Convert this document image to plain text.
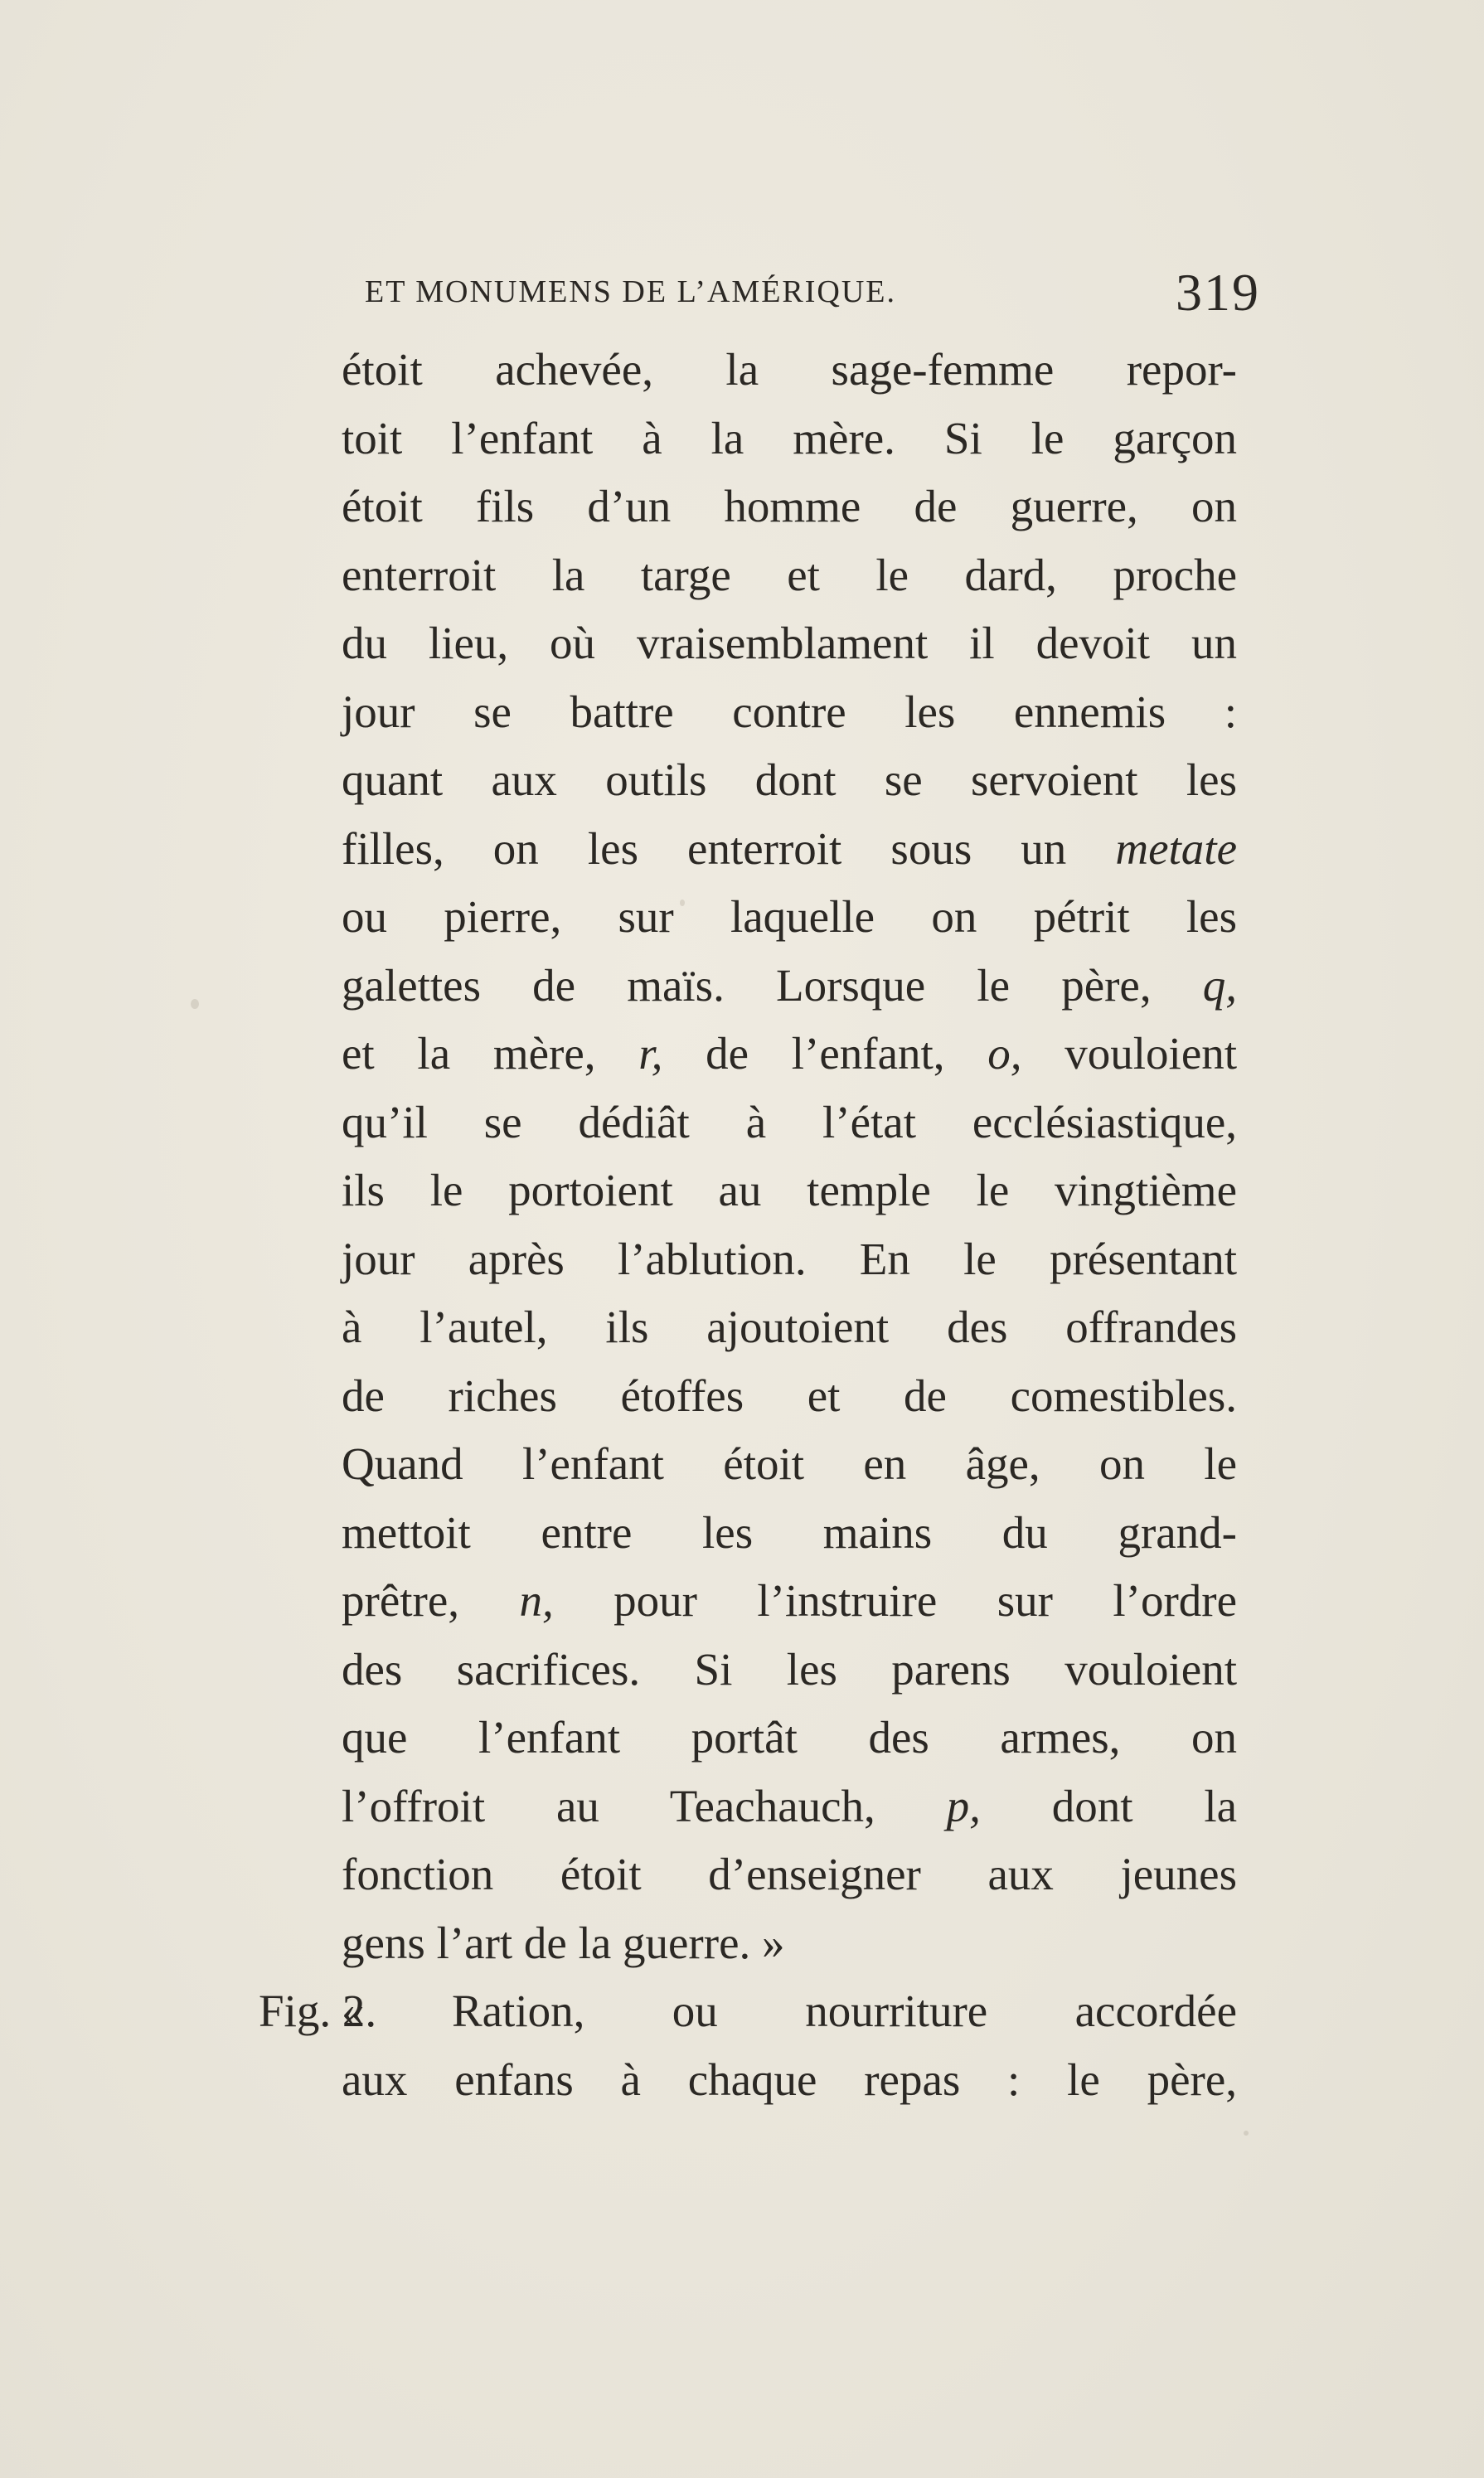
ET MONUMENS DE L’AMÉRIQUE.	319
étoit achevée, la sage-femme repor-
toit l’enfant à la mère. Si le garçon
étoit fils d’un homme de guerre, on
enterroit la targe et le dard, proche
du lieu, où vraisemblament il devoit un
jour se battre contre les ennemis :
quant aux outils dont se servoient les
filles, on les enterroit sous un metate
ou pierre, sur laquelle on pétrit les
galettes de maïs. Lorsque le père, q,
et la mère, r, de l’enfant, o, vouloient
qu’il se dédiât à l’état ecclésiastique,
ils le portoient au temple le vingtième
jour après l’ablution. En le présentant
à l’autel, ils ajoutoient des offrandes
de riches étoffes et de comestibles.
Quand l’enfant étoit en âge, on le
mettoit entre les mains du grand-
prêtre, n, pour l’instruire sur l’ordre
des sacrifices. Si les parens vouloient
que l’enfant portât des armes, on
l’offroit au Teachauch, p, dont la
fonction étoit d’enseigner aux jeunes
gens l’art de la guerre. »
Fig. 2.
« Ration, ou nourriture accordée
aux enfans à chaque repas : le père,
